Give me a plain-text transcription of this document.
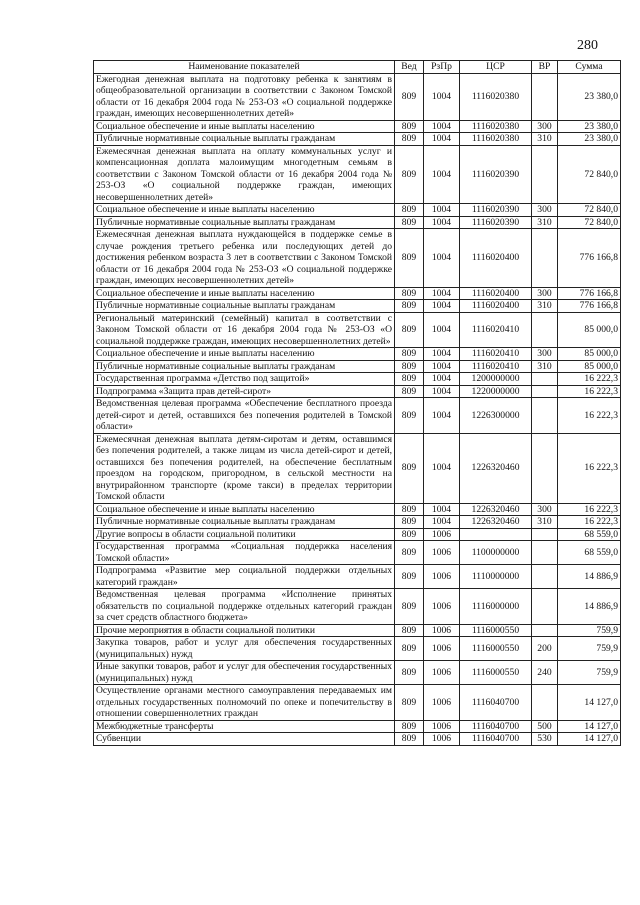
280
Наименование показателей	Вед	РзПр	ЦСР	ВР	Сумма
Ежегодная денежная выплата на подготовку ребенка к занятиям в общеобразовательной организации в соответствии с Законом Томской области от 16 декабря 2004 года № 253-ОЗ «О социальной поддержке граждан, имеющих несовершеннолетних детей»	809	1004	1116020380		23 380,0
Социальное обеспечение и иные выплаты населению	809	1004	1116020380	300	23 380,0
Публичные нормативные социальные выплаты гражданам	809	1004	1116020380	310	23 380,0
Ежемесячная денежная выплата на оплату коммунальных услуг и компенсационная доплата малоимущим многодетным семьям в соответствии с Законом Томской области от 16 декабря 2004 года № 253-ОЗ «О социальной поддержке граждан, имеющих несовершеннолетних детей»	809	1004	1116020390		72 840,0
Социальное обеспечение и иные выплаты населению	809	1004	1116020390	300	72 840,0
Публичные нормативные социальные выплаты гражданам	809	1004	1116020390	310	72 840,0
Ежемесячная денежная выплата нуждающейся в поддержке семье в случае рождения третьего ребенка или последующих детей до достижения ребенком возраста 3 лет в соответствии с Законом Томской области от 16 декабря 2004 года № 253-ОЗ «О социальной поддержке граждан, имеющих несовершеннолетних детей»	809	1004	1116020400		776 166,8
Социальное обеспечение и иные выплаты населению	809	1004	1116020400	300	776 166,8
Публичные нормативные социальные выплаты гражданам	809	1004	1116020400	310	776 166,8
Региональный материнский (семейный) капитал в соответствии с Законом Томской области от 16 декабря 2004 года № 253-ОЗ «О социальной поддержке граждан, имеющих несовершеннолетних детей»	809	1004	1116020410		85 000,0
Социальное обеспечение и иные выплаты населению	809	1004	1116020410	300	85 000,0
Публичные нормативные социальные выплаты гражданам	809	1004	1116020410	310	85 000,0
Государственная программа «Детство под защитой»	809	1004	1200000000		16 222,3
Подпрограмма «Защита прав детей-сирот»	809	1004	1220000000		16 222,3
Ведомственная целевая программа «Обеспечение бесплатного проезда детей-сирот и детей, оставшихся без попечения родителей в Томской области»	809	1004	1226300000		16 222,3
Ежемесячная денежная выплата детям-сиротам и детям, оставшимся без попечения родителей, а также лицам из числа детей-сирот и детей, оставшихся без попечения родителей, на обеспечение бесплатным проездом на городском, пригородном, в сельской местности на внутрирайонном транспорте (кроме такси) в пределах территории Томской области	809	1004	1226320460		16 222,3
Социальное обеспечение и иные выплаты населению	809	1004	1226320460	300	16 222,3
Публичные нормативные социальные выплаты гражданам	809	1004	1226320460	310	16 222,3
Другие вопросы в области социальной политики	809	1006			68 559,0
Государственная программа «Социальная поддержка населения Томской области»	809	1006	1100000000		68 559,0
Подпрограмма «Развитие мер социальной поддержки отдельных категорий граждан»	809	1006	1110000000		14 886,9
Ведомственная целевая программа «Исполнение принятых обязательств по социальной поддержке отдельных категорий граждан за счет средств областного бюджета»	809	1006	1116000000		14 886,9
Прочие мероприятия в области социальной политики	809	1006	1116000550		759,9
Закупка товаров, работ и услуг для обеспечения государственных (муниципальных) нужд	809	1006	1116000550	200	759,9
Иные закупки товаров, работ и услуг для обеспечения государственных (муниципальных) нужд	809	1006	1116000550	240	759,9
Осуществление органами местного самоуправления передаваемых им отдельных государственных полномочий по опеке и попечительству в отношении совершеннолетних граждан	809	1006	1116040700		14 127,0
Межбюджетные трансферты	809	1006	1116040700	500	14 127,0
Субвенции	809	1006	1116040700	530	14 127,0
